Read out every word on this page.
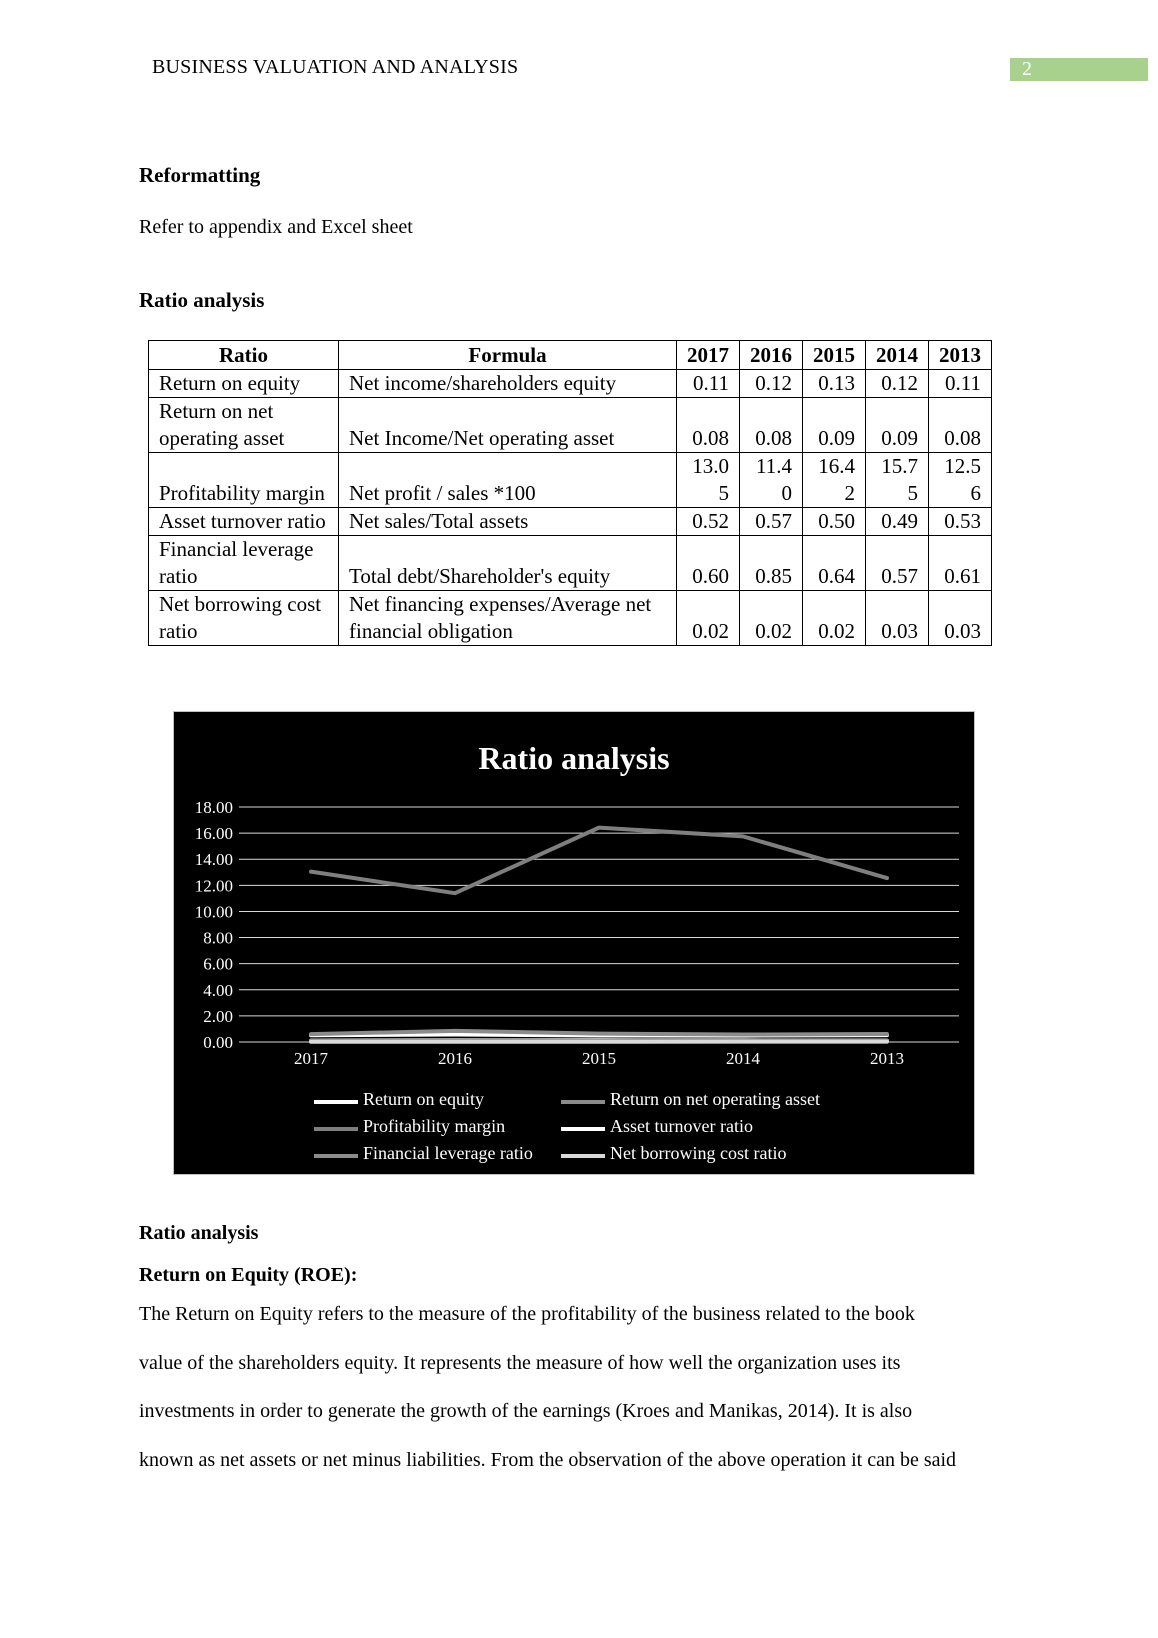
BUSINESS VALUATION AND ANALYSIS	2
Reformatting
Refer to appendix and Excel sheet
Ratio analysis
Ratio	Formula	2017	2016	2015	2014	2013
Return on equity	Net income/shareholders equity	0.11	0.12	0.13	0.12	0.11
Return on net operating asset	Net Income/Net operating asset	0.08	0.08	0.09	0.09	0.08
Profitability margin	Net profit / sales *100	13.05	11.40	16.42	15.75	12.56
Asset turnover ratio	Net sales/Total assets	0.52	0.57	0.50	0.49	0.53
Financial leverage ratio	Total debt/Shareholder's equity	0.60	0.85	0.64	0.57	0.61
Net borrowing cost ratio	Net financing expenses/Average net financial obligation	0.02	0.02	0.02	0.03	0.03
Ratio analysis
0.00
2.00
4.00
6.00
8.00
10.00
12.00
14.00
16.00
18.00
2017	2016	2015	2014	2013
Return on equity	Return on net operating asset
Profitability margin	Asset turnover ratio
Financial leverage ratio	Net borrowing cost ratio
Ratio analysis
Return on Equity (ROE):
The Return on Equity refers to the measure of the profitability of the business related to the book
value of the shareholders equity. It represents the measure of how well the organization uses its
investments in order to generate the growth of the earnings (Kroes and Manikas, 2014). It is also
known as net assets or net minus liabilities. From the observation of the above operation it can be said
